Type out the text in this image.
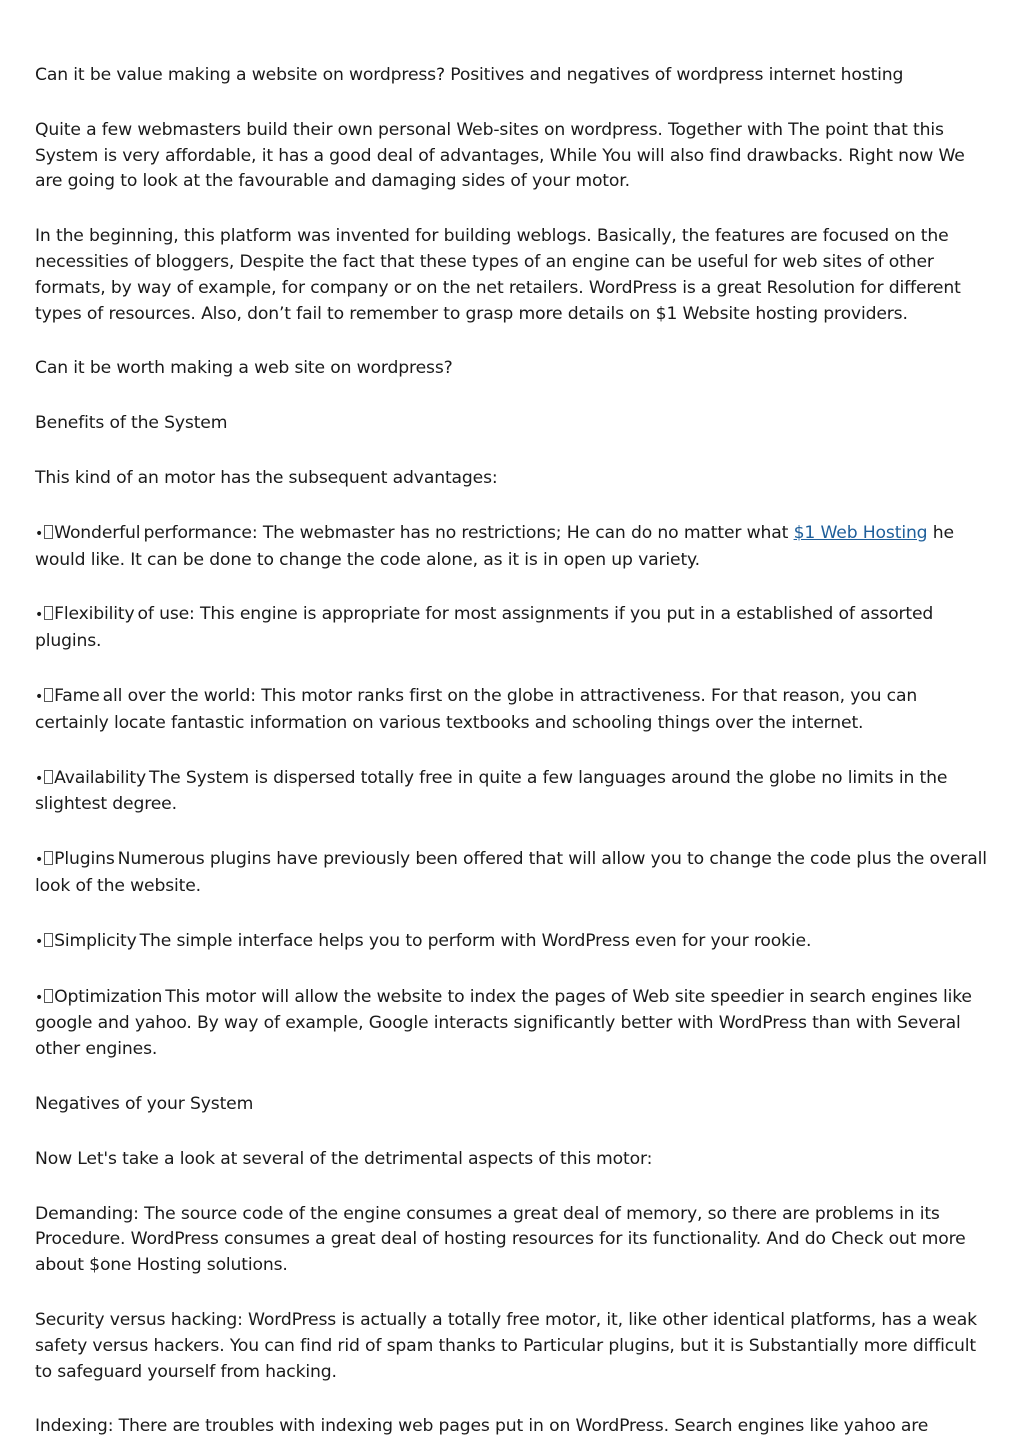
Can it be value making a website on wordpress? Positives and negatives of wordpress internet hosting

Quite a few webmasters build their own personal Web-sites on wordpress. Together with The point that this System is very affordable, it has a good deal of advantages, While You will also find drawbacks. Right now We are going to look at the favourable and damaging sides of your motor.

In the beginning, this platform was invented for building weblogs. Basically, the features are focused on the necessities of bloggers, Despite the fact that these types of an engine can be useful for web sites of other formats, by way of example, for company or on the net retailers. WordPress is a great Resolution for different types of resources. Also, don’t fail to remember to grasp more details on $1 Website hosting providers.

Can it be worth making a web site on wordpress?

Benefits of the System

This kind of an motor has the subsequent advantages:

• Wonderful performance: The webmaster has no restrictions; He can do no matter what $1 Web Hosting he would like. It can be done to change the code alone, as it is in open up variety.

• Flexibility of use: This engine is appropriate for most assignments if you put in a established of assorted plugins.

• Fame all over the world: This motor ranks first on the globe in attractiveness. For that reason, you can certainly locate fantastic information on various textbooks and schooling things over the internet.

• Availability The System is dispersed totally free in quite a few languages around the globe no limits in the slightest degree.

• Plugins Numerous plugins have previously been offered that will allow you to change the code plus the overall look of the website.

• Simplicity The simple interface helps you to perform with WordPress even for your rookie.

• Optimization This motor will allow the website to index the pages of Web site speedier in search engines like google and yahoo. By way of example, Google interacts significantly better with WordPress than with Several other engines.

Negatives of your System

Now Let's take a look at several of the detrimental aspects of this motor:

Demanding: The source code of the engine consumes a great deal of memory, so there are problems in its Procedure. WordPress consumes a great deal of hosting resources for its functionality. And do Check out more about $one Hosting solutions.

Security versus hacking: WordPress is actually a totally free motor, it, like other identical platforms, has a weak safety versus hackers. You can find rid of spam thanks to Particular plugins, but it is Substantially more difficult to safeguard yourself from hacking.

Indexing: There are troubles with indexing web pages put in on WordPress. Search engines like yahoo are
